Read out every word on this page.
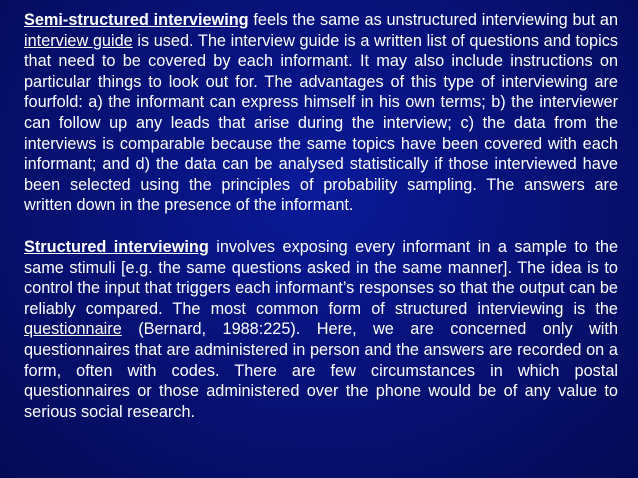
Semi-structured interviewing feels the same as unstructured interviewing but an interview guide is used. The interview guide is a written list of questions and topics that need to be covered by each informant. It may also include instructions on particular things to look out for. The advantages of this type of interviewing are fourfold: a) the informant can express himself in his own terms; b) the interviewer can follow up any leads that arise during the interview; c) the data from the interviews is comparable because the same topics have been covered with each informant; and d) the data can be analysed statistically if those interviewed have been selected using the principles of probability sampling. The answers are written down in the presence of the informant.

Structured interviewing involves exposing every informant in a sample to the same stimuli [e.g. the same questions asked in the same manner]. The idea is to control the input that triggers each informant’s responses so that the output can be reliably compared. The most common form of structured interviewing is the questionnaire (Bernard, 1988:225). Here, we are concerned only with questionnaires that are administered in person and the answers are recorded on a form, often with codes. There are few circumstances in which postal questionnaires or those administered over the phone would be of any value to serious social research.
